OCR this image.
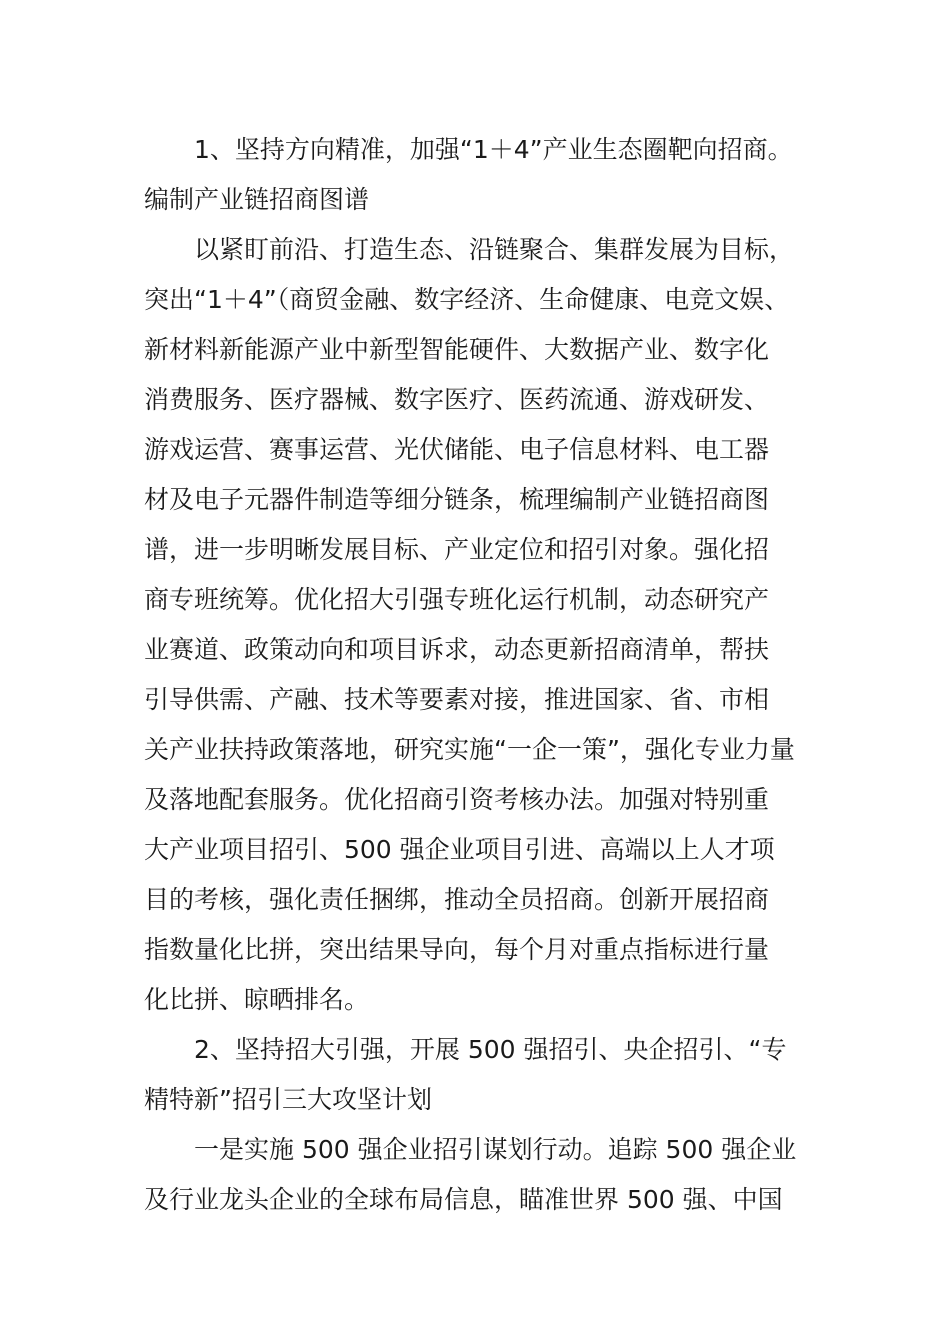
1、坚持方向精准，加强“1＋4”产业生态圈靶向招商。
编制产业链招商图谱
以紧盯前沿、打造生态、沿链聚合、集群发展为目标，
突出“1＋4”（商贸金融、数字经济、生命健康、电竞文娱、
新材料新能源产业中新型智能硬件、大数据产业、数字化
消费服务、医疗器械、数字医疗、医药流通、游戏研发、
游戏运营、赛事运营、光伏储能、电子信息材料、电工器
材及电子元器件制造等细分链条，梳理编制产业链招商图
谱，进一步明晰发展目标、产业定位和招引对象。强化招
商专班统筹。优化招大引强专班化运行机制，动态研究产
业赛道、政策动向和项目诉求，动态更新招商清单，帮扶
引导供需、产融、技术等要素对接，推进国家、省、市相
关产业扶持政策落地，研究实施“一企一策”，强化专业力量
及落地配套服务。优化招商引资考核办法。加强对特别重
大产业项目招引、500 强企业项目引进、高端以上人才项
目的考核，强化责任捆绑，推动全员招商。创新开展招商
指数量化比拼，突出结果导向，每个月对重点指标进行量
化比拼、晾晒排名。
2、坚持招大引强，开展 500 强招引、央企招引、“专
精特新”招引三大攻坚计划
一是实施 500 强企业招引谋划行动。追踪 500 强企业
及行业龙头企业的全球布局信息，瞄准世界 500 强、中国
